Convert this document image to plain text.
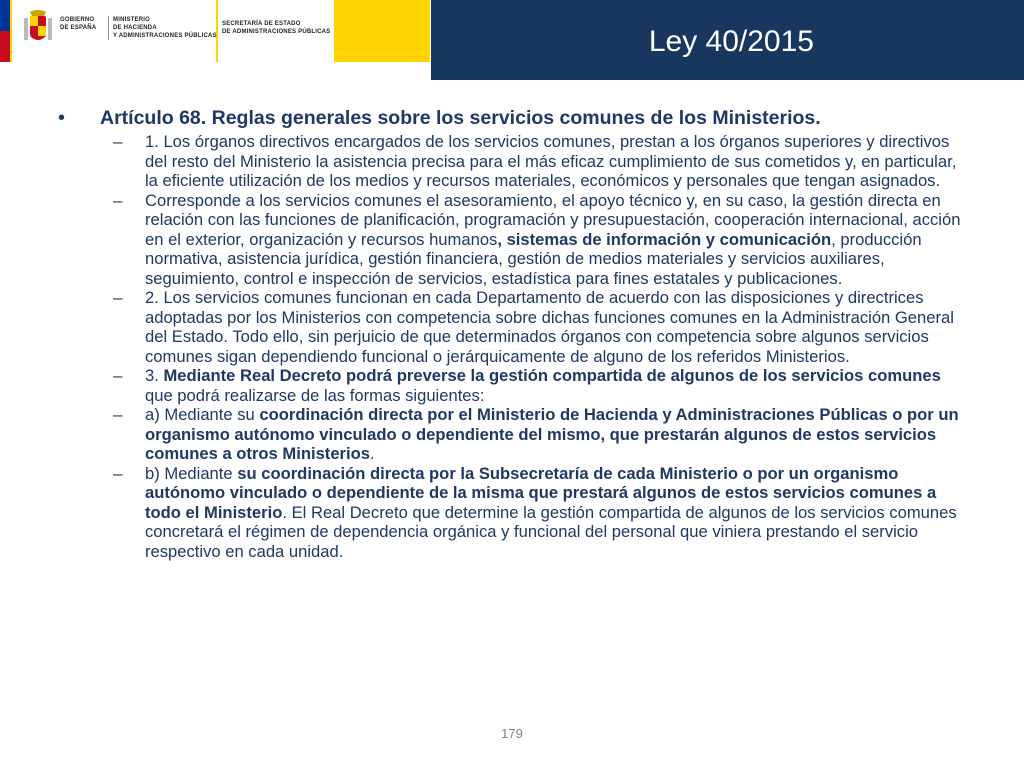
GOBIERNO
DE ESPAÑA
MINISTERIO
DE HACIENDA
Y ADMINISTRACIONES PÚBLICAS
SECRETARÍA DE ESTADO
DE ADMINISTRACIONES PÚBLICAS	Ley 40/2015
•	Artículo 68. Reglas generales sobre los servicios comunes de los Ministerios.
–	1. Los órganos directivos encargados de los servicios comunes, prestan a los órganos superiores y directivos del resto del Ministerio la asistencia precisa para el más eficaz cumplimiento de sus cometidos y, en particular, la eficiente utilización de los medios y recursos materiales, económicos y personales que tengan asignados.
–	Corresponde a los servicios comunes el asesoramiento, el apoyo técnico y, en su caso, la gestión directa en relación con las funciones de planificación, programación y presupuestación, cooperación internacional, acción en el exterior, organización y recursos humanos, sistemas de información y comunicación, producción normativa, asistencia jurídica, gestión financiera, gestión de medios materiales y servicios auxiliares, seguimiento, control e inspección de servicios, estadística para fines estatales y publicaciones.
–	2. Los servicios comunes funcionan en cada Departamento de acuerdo con las disposiciones y directrices adoptadas por los Ministerios con competencia sobre dichas funciones comunes en la Administración General del Estado. Todo ello, sin perjuicio de que determinados órganos con competencia sobre algunos servicios comunes sigan dependiendo funcional o jerárquicamente de alguno de los referidos Ministerios.
–	3. Mediante Real Decreto podrá preverse la gestión compartida de algunos de los servicios comunes que podrá realizarse de las formas siguientes:
–	a) Mediante su coordinación directa por el Ministerio de Hacienda y Administraciones Públicas o por un organismo autónomo vinculado o dependiente del mismo, que prestarán algunos de estos servicios comunes a otros Ministerios.
–	b) Mediante su coordinación directa por la Subsecretaría de cada Ministerio o por un organismo autónomo vinculado o dependiente de la misma que prestará algunos de estos servicios comunes a todo el Ministerio. El Real Decreto que determine la gestión compartida de algunos de los servicios comunes concretará el régimen de dependencia orgánica y funcional del personal que viniera prestando el servicio respectivo en cada unidad.
179
